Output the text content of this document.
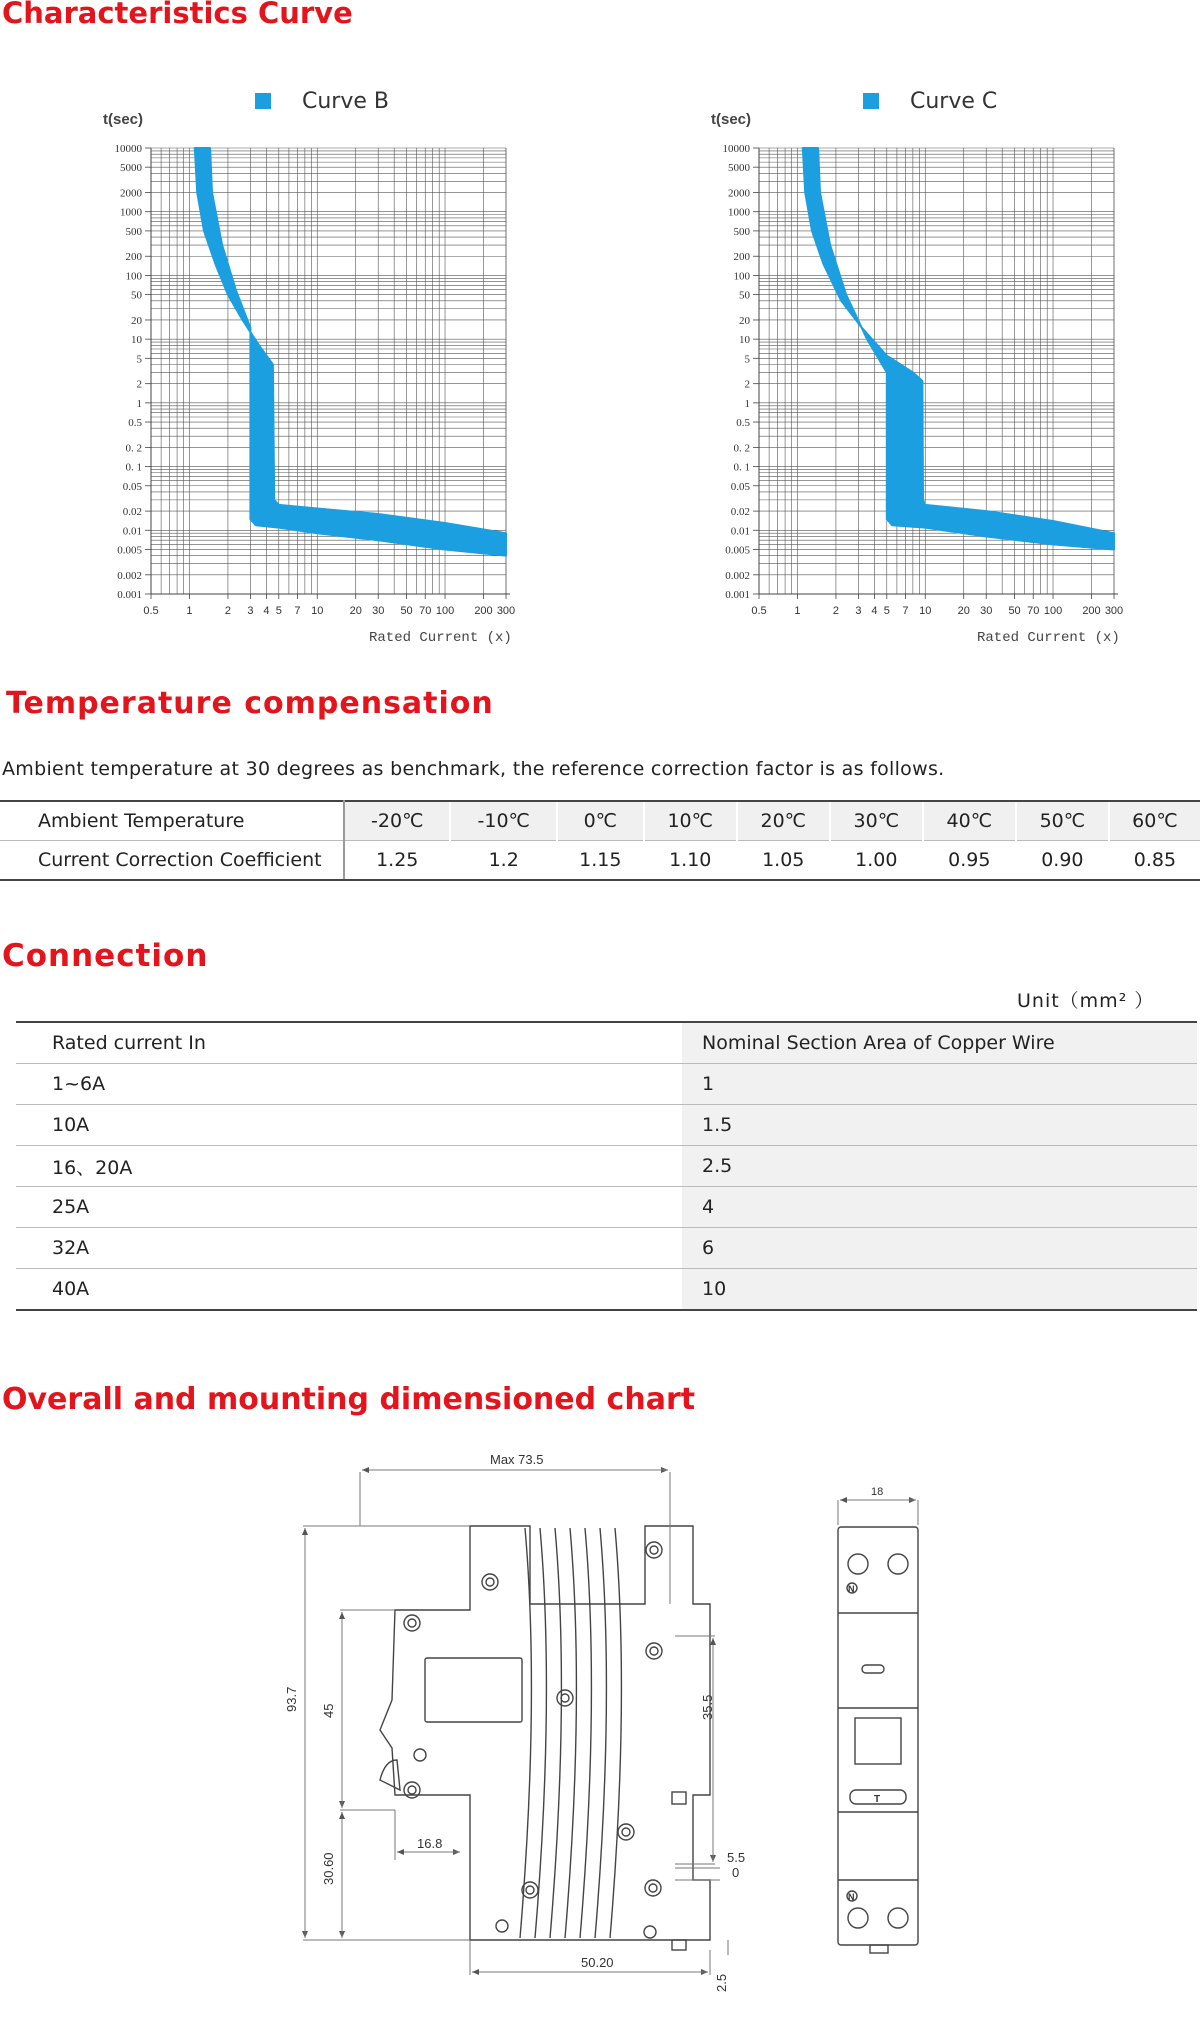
Characteristics Curve
Temperature compensation
Connection
Overall and mounting dimensioned chart
10000
5000
2000
1000
500
200
100
50
20
10
5
2
1
0.5
0. 2
0. 1
0.05
0.02
0.01
0.005
0.002
0.001
0.5	1	2 3 4 5 7 10 20 30 50 70 100 200 300
t(sec)
Rated Current (x)
Curve B
10000
5000
2000
1000
500
200
100
50
20
10
5
2
1
0.5
0. 2
0. 1
0.05
0.02
0.01
0.005
0.002
0.001
0.5	1	2 3 4 5 7 10 20 30 50 70 100 200 300
t(sec)
Rated Current (x)
Curve C

Ambient temperature at 30 degrees as benchmark, the reference correction factor is as follows.

Ambient Temperature	-20℃	-10℃	0℃	10℃	20℃	30℃	40℃	50℃	60℃
Current Correction Coefficient	1.25	1.2	1.15	1.10	1.05	1.00	0.95	0.90	0.85
Unit（mm² ）
Rated current In	Nominal Section Area of Copper Wire
1~6A	1
10A	1.5
16、20A	2.5
25A	4
32A	6
40A	10
Max 73.5
93.7 45
30.60
16.8
35.5
5.5
0
50.20
2.5
18
N
N
T
